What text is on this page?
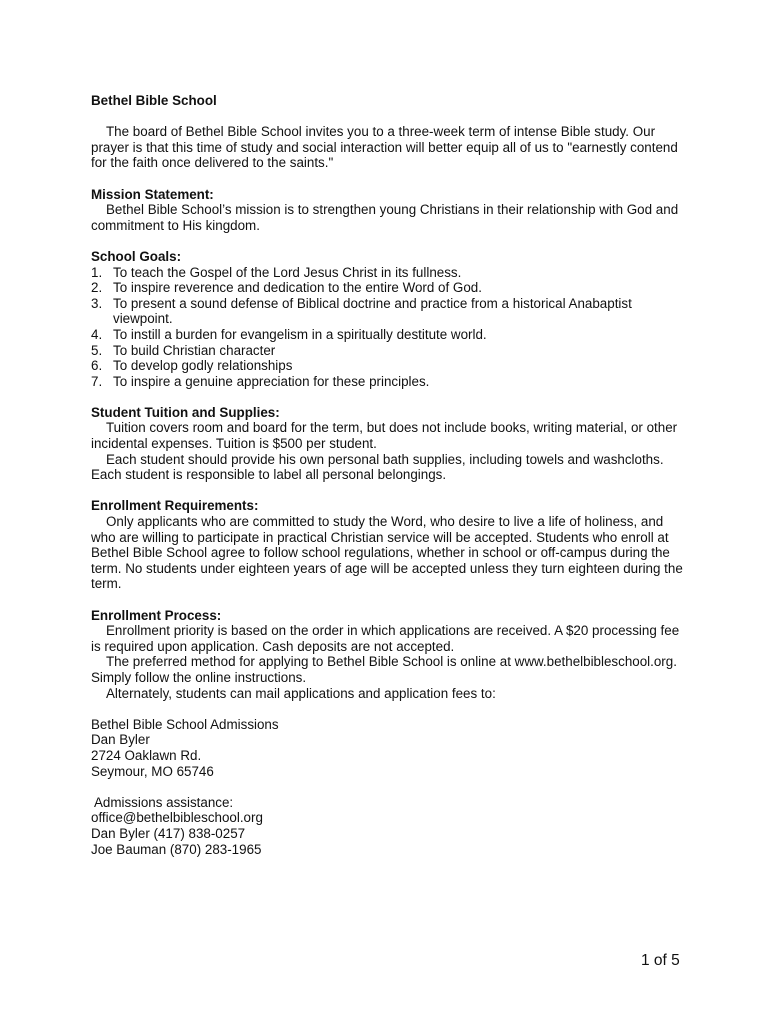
Bethel Bible School

The board of Bethel Bible School invites you to a three-week term of intense Bible study. Our prayer is that this time of study and social interaction will better equip all of us to "earnestly contend for the faith once delivered to the saints."

Mission Statement:

Bethel Bible School’s mission is to strengthen young Christians in their relationship with God and commitment to His kingdom.

School Goals:

1. To teach the Gospel of the Lord Jesus Christ in its fullness.
2. To inspire reverence and dedication to the entire Word of God.
3. To present a sound defense of Biblical doctrine and practice from a historical Anabaptist viewpoint.
4. To instill a burden for evangelism in a spiritually destitute world.
5. To build Christian character
6. To develop godly relationships
7. To inspire a genuine appreciation for these principles.

Student Tuition and Supplies:

Tuition covers room and board for the term, but does not include books, writing material, or other incidental expenses. Tuition is $500 per student.

Each student should provide his own personal bath supplies, including towels and washcloths. Each student is responsible to label all personal belongings.

Enrollment Requirements:

Only applicants who are committed to study the Word, who desire to live a life of holiness, and who are willing to participate in practical Christian service will be accepted. Students who enroll at Bethel Bible School agree to follow school regulations, whether in school or off-campus during the term. No students under eighteen years of age will be accepted unless they turn eighteen during the term.

Enrollment Process:

Enrollment priority is based on the order in which applications are received. A $20 processing fee is required upon application. Cash deposits are not accepted.

The preferred method for applying to Bethel Bible School is online at www.bethelbibleschool.org. Simply follow the online instructions.

Alternately, students can mail applications and application fees to:

Bethel Bible School Admissions

Dan Byler

2724 Oaklawn Rd.

Seymour, MO 65746

Admissions assistance:

office@bethelbibleschool.org

Dan Byler (417) 838-0257

Joe Bauman (870) 283-1965

1 of 5
